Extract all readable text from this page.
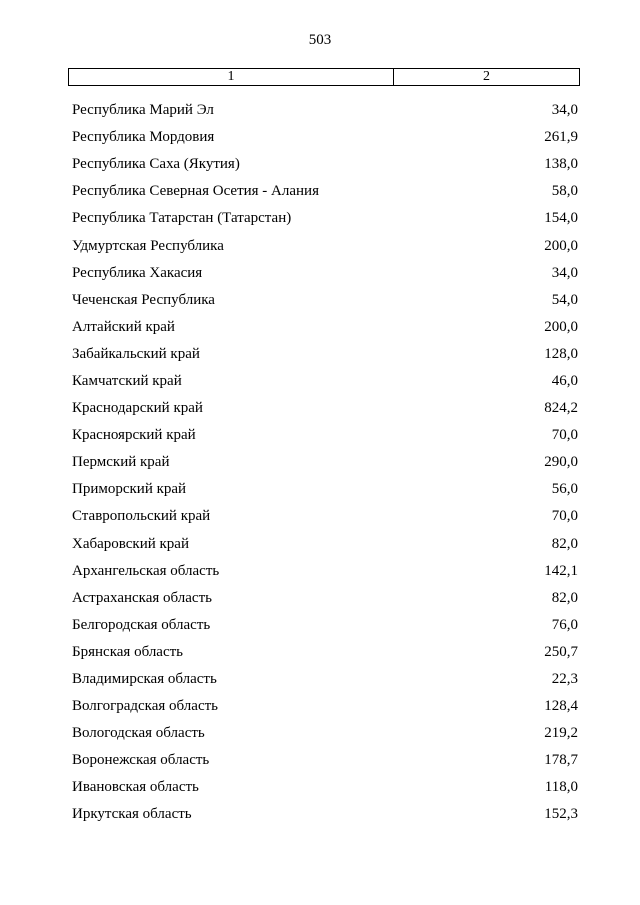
503
1	2
Республика Марий Эл	34,0
Республика Мордовия	261,9
Республика Саха (Якутия)	138,0
Республика Северная Осетия - Алания	58,0
Республика Татарстан (Татарстан)	154,0
Удмуртская Республика	200,0
Республика Хакасия	34,0
Чеченская Республика	54,0
Алтайский край	200,0
Забайкальский край	128,0
Камчатский край	46,0
Краснодарский край	824,2
Красноярский край	70,0
Пермский край	290,0
Приморский край	56,0
Ставропольский край	70,0
Хабаровский край	82,0
Архангельская область	142,1
Астраханская область	82,0
Белгородская область	76,0
Брянская область	250,7
Владимирская область	22,3
Волгоградская область	128,4
Вологодская область	219,2
Воронежская область	178,7
Ивановская область	118,0
Иркутская область	152,3
